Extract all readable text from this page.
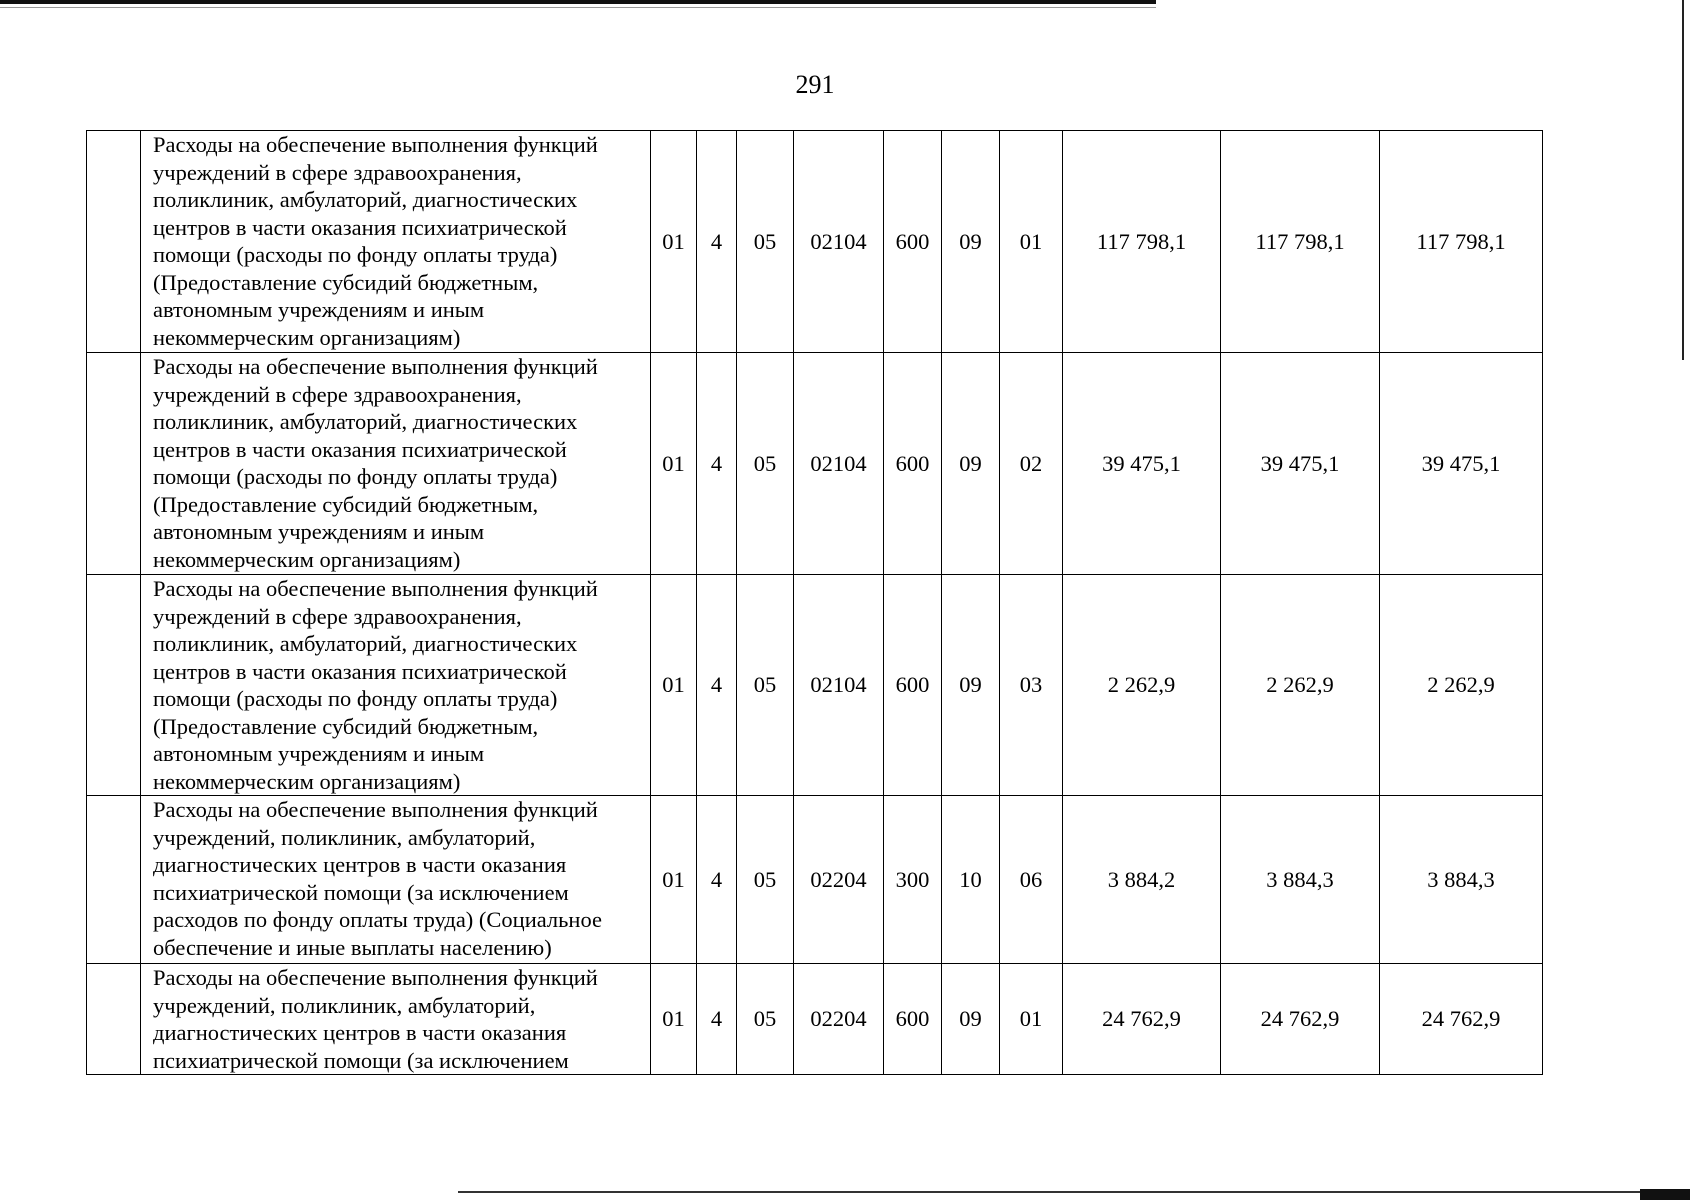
291
	Расходы на обеспечение выполнения функций учреждений в сфере здравоохранения, поликлиник, амбулаторий, диагностических центров в части оказания психиатрической помощи (расходы по фонду оплаты труда) (Предоставление субсидий бюджетным, автономным учреждениям и иным некоммерческим организациям)	01	4	05	02104	600	09	01	117 798,1	117 798,1	117 798,1
	Расходы на обеспечение выполнения функций учреждений в сфере здравоохранения, поликлиник, амбулаторий, диагностических центров в части оказания психиатрической помощи (расходы по фонду оплаты труда) (Предоставление субсидий бюджетным, автономным учреждениям и иным некоммерческим организациям)	01	4	05	02104	600	09	02	39 475,1	39 475,1	39 475,1
	Расходы на обеспечение выполнения функций учреждений в сфере здравоохранения, поликлиник, амбулаторий, диагностических центров в части оказания психиатрической помощи (расходы по фонду оплаты труда) (Предоставление субсидий бюджетным, автономным учреждениям и иным некоммерческим организациям)	01	4	05	02104	600	09	03	2 262,9	2 262,9	2 262,9
	Расходы на обеспечение выполнения функций учреждений, поликлиник, амбулаторий, диагностических центров в части оказания психиатрической помощи (за исключением расходов по фонду оплаты труда) (Социальное обеспечение и иные выплаты населению)	01	4	05	02204	300	10	06	3 884,2	3 884,3	3 884,3
	Расходы на обеспечение выполнения функций учреждений, поликлиник, амбулаторий, диагностических центров в части оказания психиатрической помощи (за исключением	01	4	05	02204	600	09	01	24 762,9	24 762,9	24 762,9
